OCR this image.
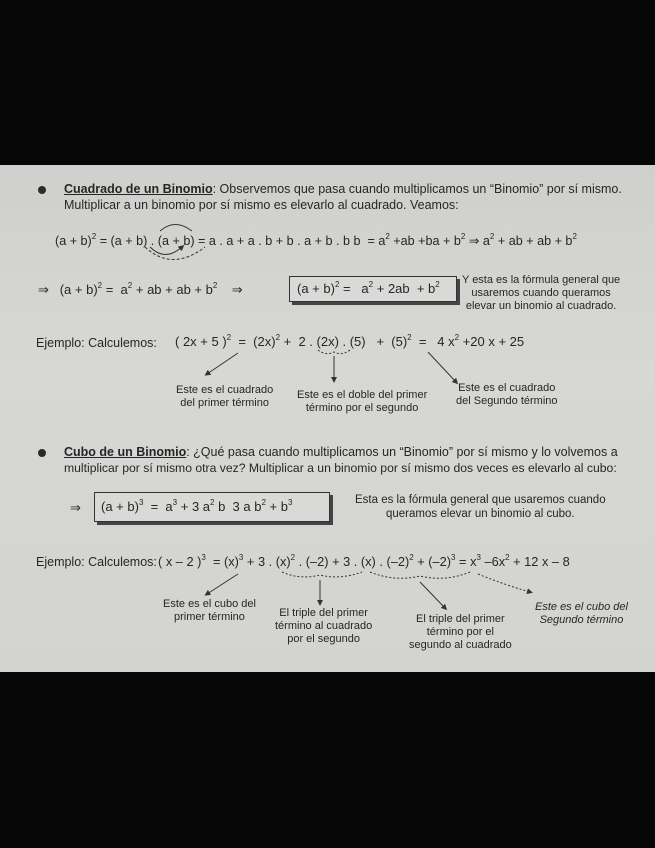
Cuadrado de un Binomio: Observemos que pasa cuando multiplicamos un “Binomio” por sí mismo.
Multiplicar a un binomio por sí mismo es elevarlo al cuadrado. Veamos:
$(a + b)^2 = (a + b)$ . (a + b) = a . a + a . b + b . a + b . b $b = a^2 +ab +ba + b^2$ ⇒ $a^2$ + ab + ab + $b^2$
⇒   $(a + b)^2 = a^2$ + ab + ab + $b^2$    ⇒	$(a + b)^2 = a^2 + 2ab + b^2$ Y esta es la fórmula general que
usaremos cuando queramos
elevar un binomio al cuadrado.
Ejemplo: Calculemos: ( 2x + 5 )$^2 = (2x)^2 + 2$ . (2x) . $(5) + (5)^2 = 4$ $x^2 +20$ x + 25
Este es el cuadrado
del primer término
Este es el doble del primer
término por el segundo
Este es el cuadrado
del Segundo término
Cubo de un Binomio: ¿Qué pasa cuando multiplicamos un “Binomio” por sí mismo y lo volvemos a
multiplicar por sí mismo otra vez? Multiplicar a un binomio por sí mismo dos veces es elevarlo al cubo:
⇒ $(a + b)^3 = a^3 + 3$ $a^2$ b  3 a $b^2 + b^3$	Esta es la fórmula general que usaremos cuando
queramos elevar un binomio al cubo.
Ejemplo: Calculemos: ( x – 2 )$^3 = (x)^3 + 3$ . $(x)^2$ . (–2) + 3 . (x) . $(-2)^2 + (-2)^3 = x^3$ $-6x^2 + 12$ x – 8
Este es el cubo del
primer término	El triple del primer
término al cuadrado
por el segundo
El triple del primer
término por el
segundo al cuadrado
Este es el cubo del
Segundo término
